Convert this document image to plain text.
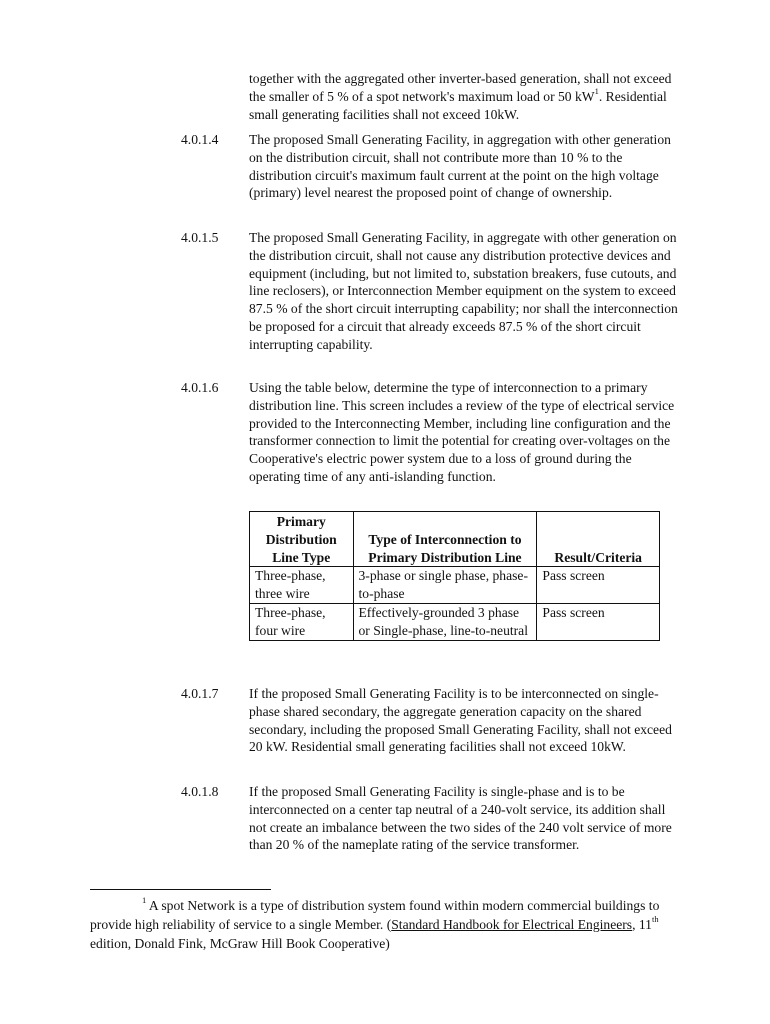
together with the aggregated other inverter-based generation, shall not exceed the smaller of 5 % of a spot network's maximum load or 50 $kW^1$. Residential small generating facilities shall not exceed 10kW.
4.0.1.4 The proposed Small Generating Facility, in aggregation with other generation on the distribution circuit, shall not contribute more than 10 % to the distribution circuit's maximum fault current at the point on the high voltage (primary) level nearest the proposed point of change of ownership.
4.0.1.5 The proposed Small Generating Facility, in aggregate with other generation on the distribution circuit, shall not cause any distribution protective devices and equipment (including, but not limited to, substation breakers, fuse cutouts, and line reclosers), or Interconnection Member equipment on the system to exceed 87.5 % of the short circuit interrupting capability; nor shall the interconnection be proposed for a circuit that already exceeds 87.5 % of the short circuit interrupting capability.
4.0.1.6 Using the table below, determine the type of interconnection to a primary distribution line. This screen includes a review of the type of electrical service provided to the Interconnecting Member, including line configuration and the transformer connection to limit the potential for creating over-voltages on the Cooperative's electric power system due to a loss of ground during the operating time of any anti-islanding function.
Primary Distribution Line Type	Type of Interconnection to Primary Distribution Line	Result/Criteria
Three-phase, three wire	3-phase or single phase, phase-to-phase	Pass screen
Three-phase, four wire	Effectively-grounded 3 phase or Single-phase, line-to-neutral	Pass screen
4.0.1.7 If the proposed Small Generating Facility is to be interconnected on single-phase shared secondary, the aggregate generation capacity on the shared secondary, including the proposed Small Generating Facility, shall not exceed 20 kW. Residential small generating facilities shall not exceed 10kW.
4.0.1.8 If the proposed Small Generating Facility is single-phase and is to be interconnected on a center tap neutral of a 240-volt service, its addition shall not create an imbalance between the two sides of the 240 volt service of more than 20 % of the nameplate rating of the service transformer.
$^1$ A spot Network is a type of distribution system found within modern commercial buildings to provide high reliability of service to a single Member. (Standard Handbook for Electrical Engineers, 11th edition, Donald Fink, McGraw Hill Book Cooperative)
